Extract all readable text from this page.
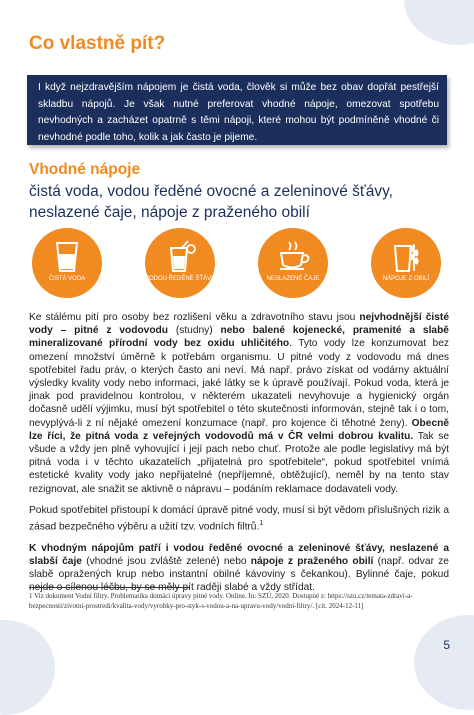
Co vlastně pít?

I když nejzdravějším nápojem je čistá voda, člověk si může bez obav dopřát pestřejší skladbu nápojů. Je však nutné preferovat vhodné nápoje, omezovat spotřebu nevhodných a zacházet opatrně s těmi nápoji, které mohou být podmíněně vhodné či nevhodné podle toho, kolik a jak často je pijeme.

Vhodné nápoje
čistá voda, vodou ředěné ovocné a zeleninové šťávy, neslazené čaje, nápoje z praženého obilí
ČISTÁ VODA	VODOU ŘEDĚNÉ ŠŤÁVY	NESLAZENÉ ČAJE	NÁPOJE Z OBILÍ

Ke stálému pití pro osoby bez rozlišení věku a zdravotního stavu jsou nejvhodnější čisté vody – pitné z vodovodu (studny) nebo balené kojenecké, pramenité a slabě mineralizované přírodní vody bez oxidu uhličitého. Tyto vody lze konzumovat bez omezení množství úměrně k potřebám organismu. U pitné vody z vodovodu má dnes spotřebitel řadu práv, o kterých často ani neví. Má např. právo získat od vodárny aktuální výsledky kvality vody nebo informaci, jaké látky se k úpravě používají. Pokud voda, která je jinak pod pravidelnou kontrolou, v některém ukazateli nevyhovuje a hygienický orgán dočasně udělí výjimku, musí být spotřebitel o této skutečnosti informován, stejně tak i o tom, nevyplývá-li z ní nějaké omezení konzumace (např. pro kojence či těhotné ženy). Obecně lze říci, že pitná voda z veřejných vodovodů má v ČR velmi dobrou kvalitu. Tak se všude a vždy jen plně vyhovující i její pach nebo chuť. Protože ale podle legislativy má být pitná voda i v těchto ukazatelích „přijatelná pro spotřebitele“, pokud spotřebitel vnímá estetické kvality vody jako nepřijatelné (nepříjemné, obtěžující), neměl by na tento stav rezignovat, ale snažit se aktivně o nápravu – podáním reklamace dodavateli vody.

Pokud spotřebitel přistoupí k domácí úpravě pitné vody, musí si být vědom příslušných rizik a zásad bezpečného výběru a užití tzv. vodních filtrů.$^1$

K vhodným nápojům patří i vodou ředěné ovocné a zeleninové šťávy, neslazené a slabší čaje (vhodné jsou zvláště zelené) nebo nápoje z praženého obilí (např. odvar ze slabě opražených krup nebo instantní obilné kávoviny s čekankou). Bylinné čaje, pokud nejde o cílenou léčbu, by se měly pít raději slabé a vždy střídat.

1 Viz dokument Vodní filtry. Problematika domácí úpravy pitné vody. Online. In: SZÚ, 2020. Dostupné z: https://szu.cz/temata-zdravi-a-bezpecnosti/zivotni-prostredi/kvalita-vody/vyrobky-pro-styk-s-vodou-a-na-upravu-vody/vodni-filtry/. [cit. 2024-12-11]
5
